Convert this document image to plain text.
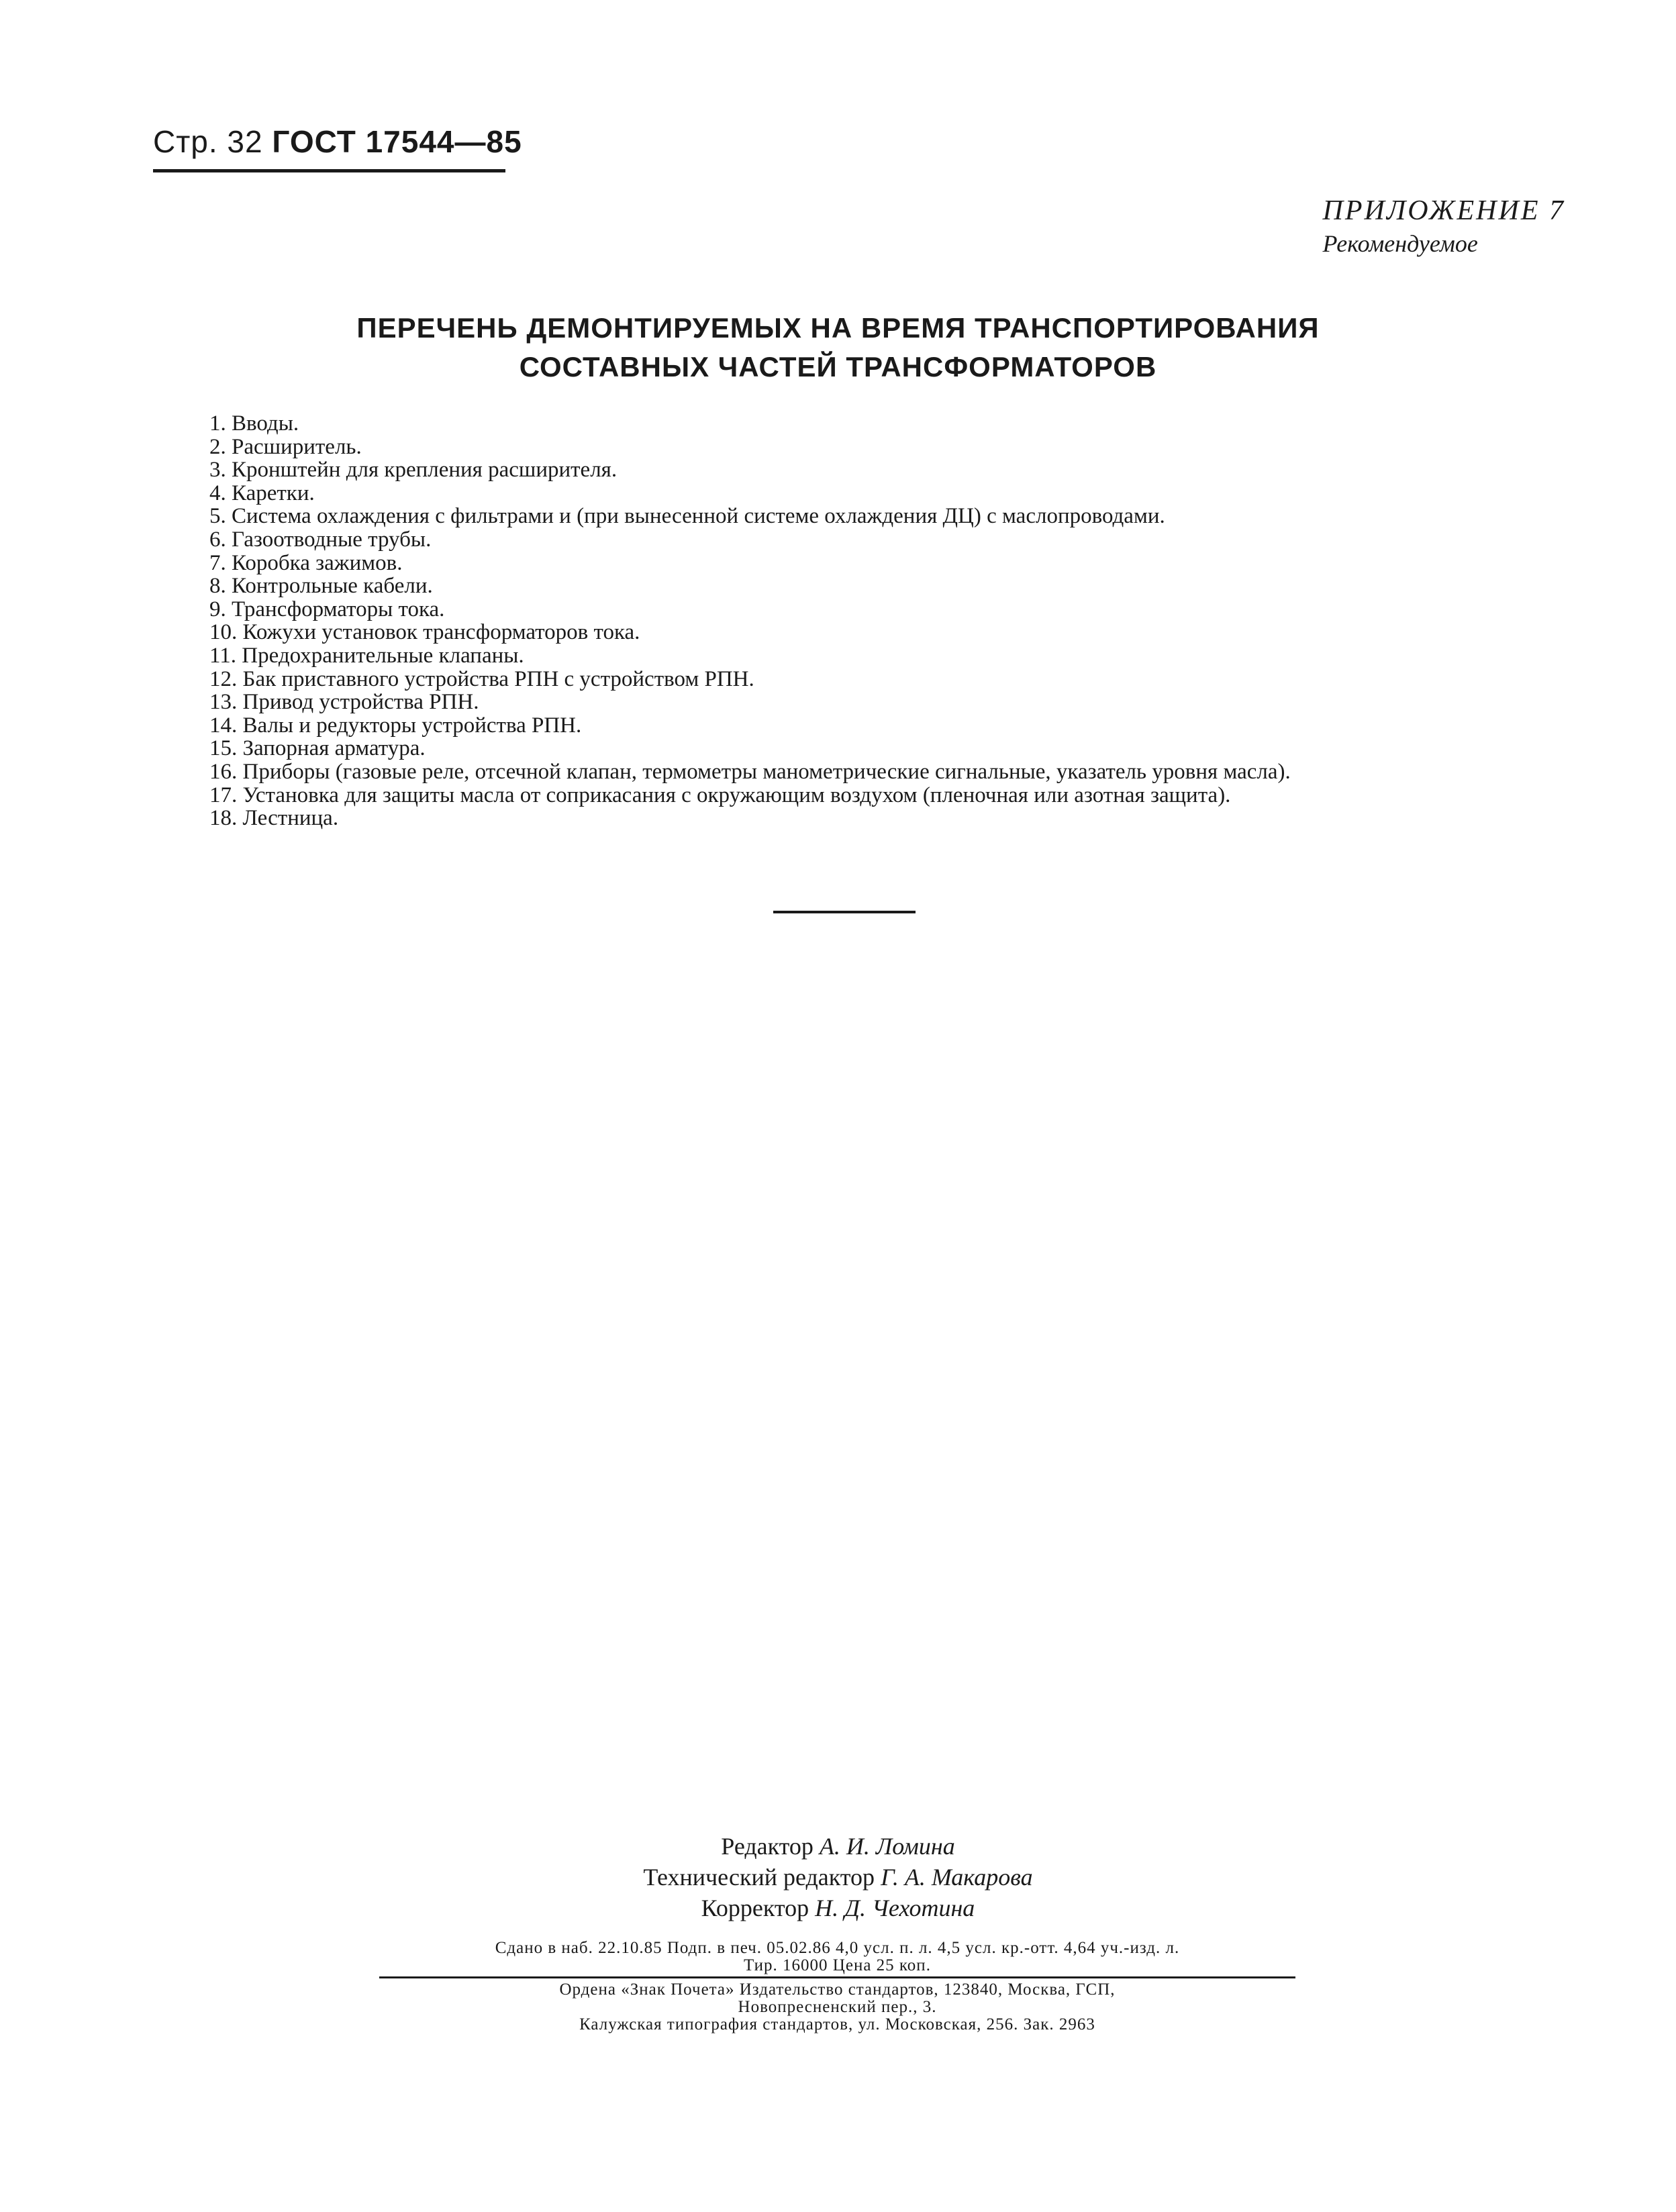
Стр. 32 ГОСТ 17544—85
ПРИЛОЖЕНИЕ 7
Рекомендуемое
ПЕРЕЧЕНЬ ДЕМОНТИРУЕМЫХ НА ВРЕМЯ ТРАНСПОРТИРОВАНИЯ
СОСТАВНЫХ ЧАСТЕЙ ТРАНСФОРМАТОРОВ
1. Вводы.
2. Расширитель.
3. Кронштейн для крепления расширителя.
4. Каретки.
5. Система охлаждения с фильтрами и (при вынесенной системе охлаждения ДЦ) с маслопроводами.
6. Газоотводные трубы.
7. Коробка зажимов.
8. Контрольные кабели.
9. Трансформаторы тока.
10. Кожухи установок трансформаторов тока.
11. Предохранительные клапаны.
12. Бак приставного устройства РПН с устройством РПН.
13. Привод устройства РПН.
14. Валы и редукторы устройства РПН.
15. Запорная арматура.
16. Приборы (газовые реле, отсечной клапан, термометры манометрические сигнальные, указатель уровня масла).
17. Установка для защиты масла от соприкасания с окружающим воздухом (пленочная или азотная защита).
18. Лестница.
Редактор А. И. Ломина
Технический редактор Г. А. Макарова
Корректор Н. Д. Чехотина
Сдано в наб. 22.10.85 Подп. в печ. 05.02.86 4,0 усл. п. л. 4,5 усл. кр.-отт. 4,64 уч.-изд. л.
Тир. 16000 Цена 25 коп.
Ордена «Знак Почета» Издательство стандартов, 123840, Москва, ГСП,
Новопресненский пер., 3.
Калужская типография стандартов, ул. Московская, 256. Зак. 2963
